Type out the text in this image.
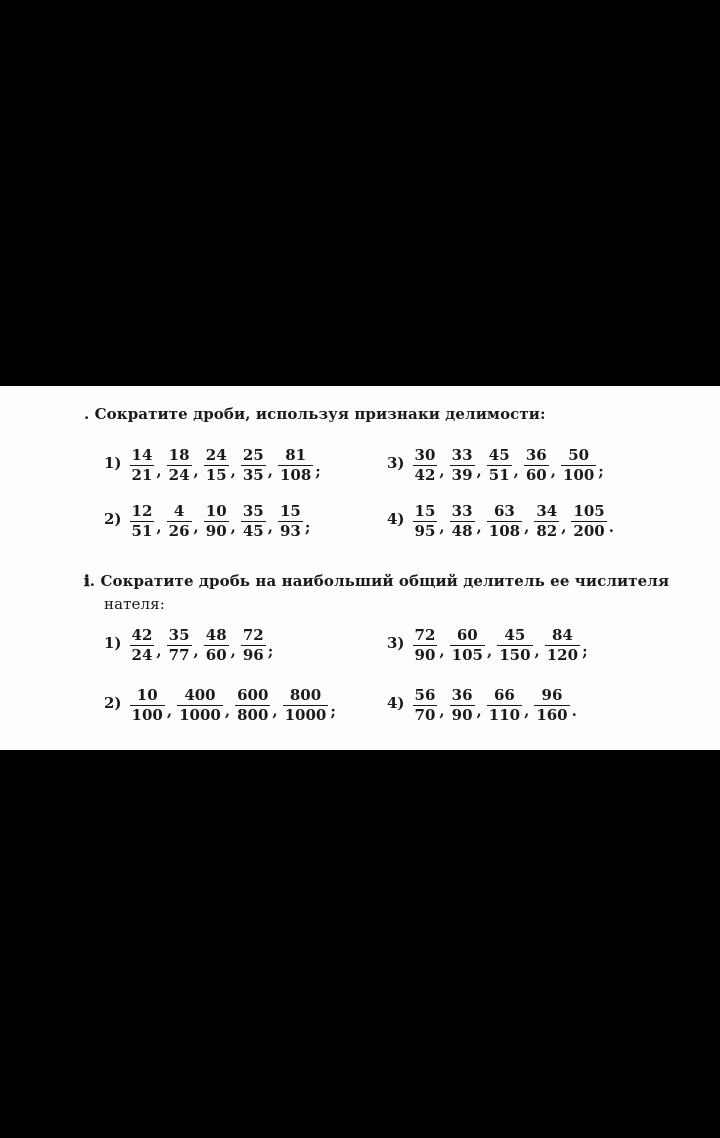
. Сократите дроби, используя признаки делимости:
$1) \frac{14}{21}$ , $\frac{18}{24}$ , $\frac{24}{15}$ , $\frac{25}{35}$ , $\frac{81}{108}$ ;	$3) \frac{30}{42}$ , $\frac{33}{39}$ , $\frac{45}{51}$ , $\frac{36}{60}$ , $\frac{50}{100}$ ;
$2) \frac{12}{51}$ , $\frac{4}{26}$ , $\frac{10}{90}$ , $\frac{35}{45}$ , $\frac{15}{93}$ ;	$4) \frac{15}{95}$ , $\frac{33}{48}$ , $\frac{63}{108}$ , $\frac{34}{82}$ , $\frac{105}{200}$ .
ℹ. Сократите дробь на наибольший общий делитель ее числителя
нателя:
$1) \frac{42}{24}$ , $\frac{35}{77}$ , $\frac{48}{60}$ , $\frac{72}{96}$ ;	$3) \frac{72}{90}$ , $\frac{60}{105}$ , $\frac{45}{150}$ , $\frac{84}{120}$ ;
$2) \frac{10}{100}$ , $\frac{400}{1000}$ , $\frac{600}{800}$ , $\frac{800}{1000}$ ;	$4) \frac{56}{70}$ , $\frac{36}{90}$ , $\frac{66}{110}$ , $\frac{96}{160}$ .
